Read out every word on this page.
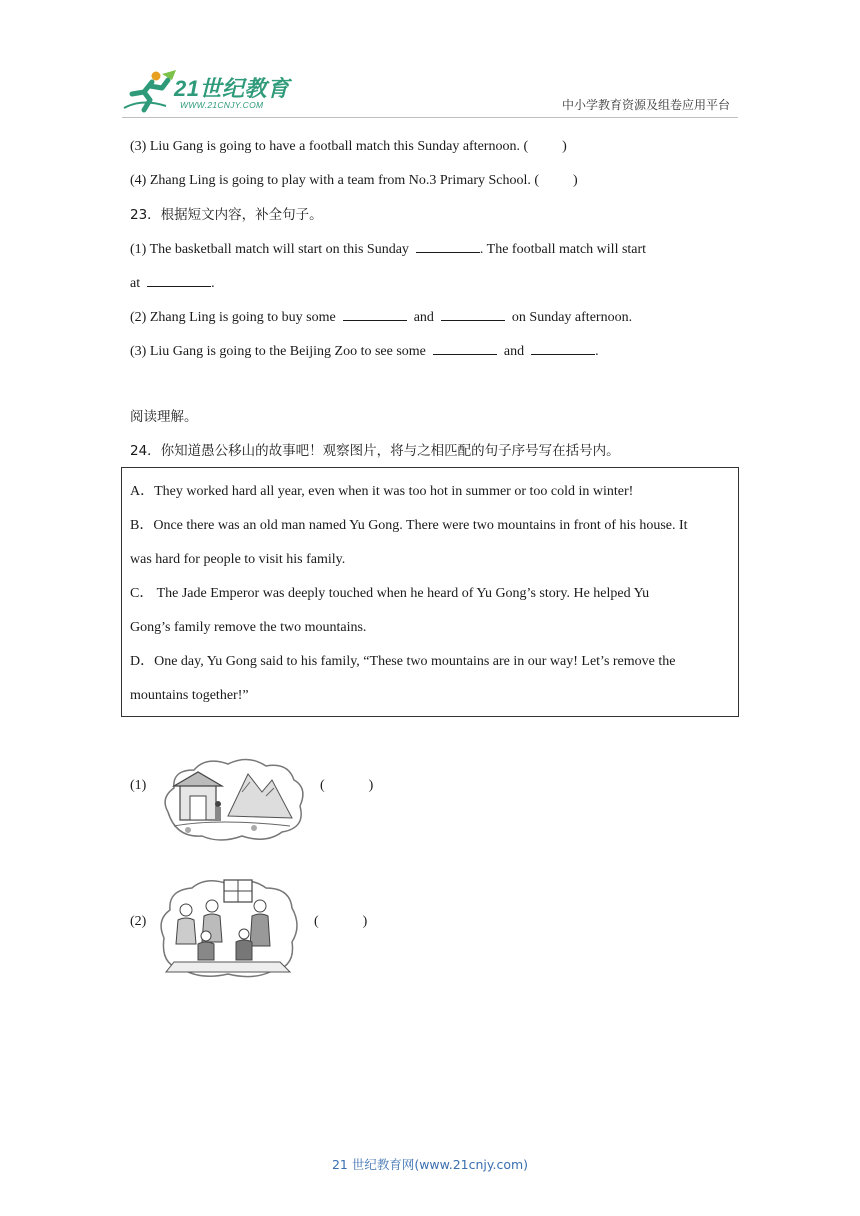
21世纪教育
WWW.21CNJY.COM	中小学教育资源及组卷应用平台
(3) Liu Gang is going to have a football match this Sunday afternoon. ( )
(4) Zhang Ling is going to play with a team from No.3 Primary School. ( )
23．根据短文内容，补全句子。
(1) The basketball match will start on this Sunday	. The football match will start
at	.
(2) Zhang Ling is going to buy some	and	on Sunday afternoon.
(3) Liu Gang is going to the Beijing Zoo to see some	and	.
阅读理解。
24．你知道愚公移山的故事吧！观察图片，将与之相匹配的句子序号写在括号内。
A．They worked hard all year, even when it was too hot in summer or too cold in winter!
B．Once there was an old man named Yu Gong. There were two mountains in front of his house. It
was hard for people to visit his family.
C． The Jade Emperor was deeply touched when he heard of Yu Gong’s story. He helped Yu
Gong’s family remove the two mountains.
D．One day, Yu Gong said to his family, “These two mountains are in our way! Let’s remove the
mountains together!”
(1)	(	)
(2)	(	)
21 世纪教育网(www.21cnjy.com)
